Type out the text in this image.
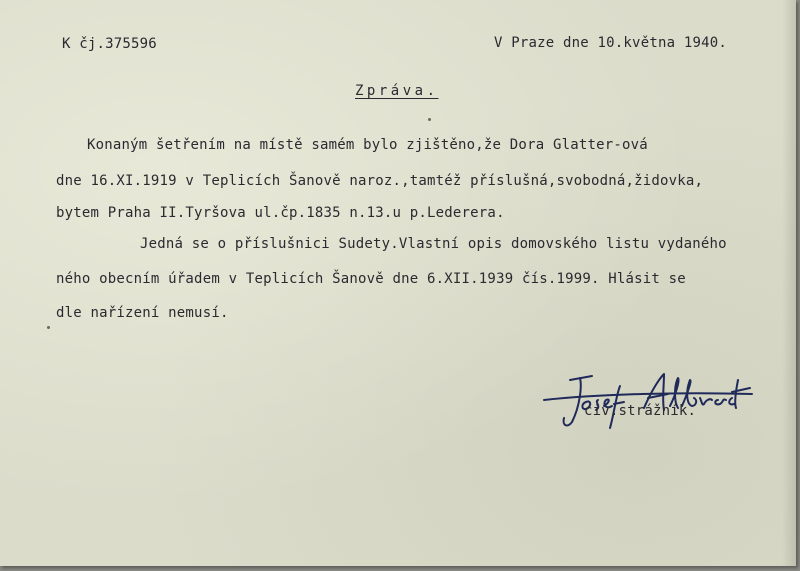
K čj.375596	V Praze dne 10.května 1940.
Zpráva.
Konaným šetřením na místě samém bylo zjištěno,že Dora Glatter-ová
dne 16.XI.1919 v Teplicích Šanově naroz.,tamtéž příslušná,svobodná,židovka,
bytem Praha II.Tyršova ul.čp.1835 n.13.u p.Lederera.
Jedná se o příslušnici Sudety.Vlastní opis domovského listu vydaného
ného obecním úřadem v Teplicích Šanově dne 6.XII.1939 čís.1999. Hlásit se
dle nařízení nemusí.
civ.strážník.
